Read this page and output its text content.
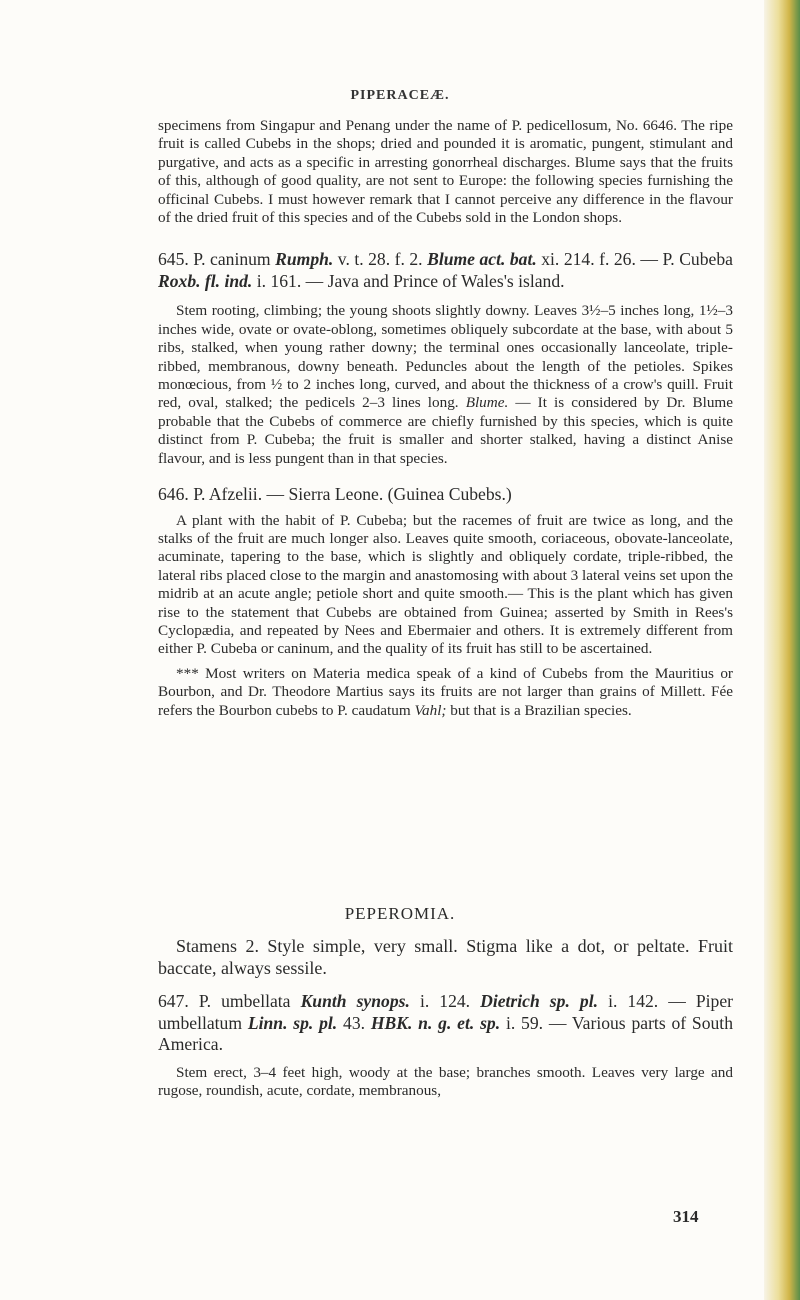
PIPERACEÆ.

specimens from Singapur and Penang under the name of P. pedicellosum, No. 6646. The ripe fruit is called Cubebs in the shops; dried and pounded it is aromatic, pungent, stimulant and purgative, and acts as a specific in arresting gonorrheal discharges. Blume says that the fruits of this, although of good quality, are not sent to Europe: the following species furnishing the officinal Cubebs. I must however remark that I cannot perceive any difference in the flavour of the dried fruit of this species and of the Cubebs sold in the London shops.

645. P. caninum Rumph. v. t. 28. f. 2. Blume act. bat. xi. 214. f. 26. — P. Cubeba Roxb. fl. ind. i. 161. — Java and Prince of Wales's island.

Stem rooting, climbing; the young shoots slightly downy. Leaves 3½–5 inches long, 1½–3 inches wide, ovate or ovate-oblong, sometimes obliquely subcordate at the base, with about 5 ribs, stalked, when young rather downy; the terminal ones occasionally lanceolate, triple-ribbed, membranous, downy beneath. Peduncles about the length of the petioles. Spikes monœcious, from ½ to 2 inches long, curved, and about the thickness of a crow's quill. Fruit red, oval, stalked; the pedicels 2–3 lines long. Blume. — It is considered by Dr. Blume probable that the Cubebs of commerce are chiefly furnished by this species, which is quite distinct from P. Cubeba; the fruit is smaller and shorter stalked, having a distinct Anise flavour, and is less pungent than in that species.

646. P. Afzelii. — Sierra Leone. (Guinea Cubebs.)

A plant with the habit of P. Cubeba; but the racemes of fruit are twice as long, and the stalks of the fruit are much longer also. Leaves quite smooth, coriaceous, obovate-lanceolate, acuminate, tapering to the base, which is slightly and obliquely cordate, triple-ribbed, the lateral ribs placed close to the margin and anastomosing with about 3 lateral veins set upon the midrib at an acute angle; petiole short and quite smooth.— This is the plant which has given rise to the statement that Cubebs are obtained from Guinea; asserted by Smith in Rees's Cyclopædia, and repeated by Nees and Ebermaier and others. It is extremely different from either P. Cubeba or caninum, and the quality of its fruit has still to be ascertained.

*** Most writers on Materia medica speak of a kind of Cubebs from the Mauritius or Bourbon, and Dr. Theodore Martius says its fruits are not larger than grains of Millett. Fée refers the Bourbon cubebs to P. caudatum Vahl; but that is a Brazilian species.

PEPEROMIA.

Stamens 2. Style simple, very small. Stigma like a dot, or peltate. Fruit baccate, always sessile.

647. P. umbellata Kunth synops. i. 124. Dietrich sp. pl. i. 142. — Piper umbellatum Linn. sp. pl. 43. HBK. n. g. et. sp. i. 59. — Various parts of South America.

Stem erect, 3–4 feet high, woody at the base; branches smooth. Leaves very large and rugose, roundish, acute, cordate, membranous,

314
